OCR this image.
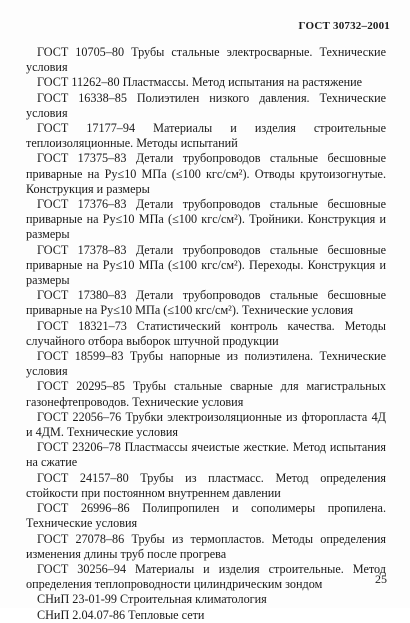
ГОСТ 30732–2001

ГОСТ 10705–80 Трубы стальные электросварные. Технические условия

ГОСТ 11262–80 Пластмассы. Метод испытания на растяжение

ГОСТ 16338–85 Полиэтилен низкого давления. Технические условия

ГОСТ 17177–94 Материалы и изделия строительные теплоизоляционные. Методы испытаний

ГОСТ 17375–83 Детали трубопроводов стальные бесшовные приварные на Pу≤10 МПа (≤100 кгс/см²). Отводы крутоизогнутые. Конструкция и размеры

ГОСТ 17376–83 Детали трубопроводов стальные бесшовные приварные на Pу≤10 МПа (≤100 кгс/см²). Тройники. Конструкция и размеры

ГОСТ 17378–83 Детали трубопроводов стальные бесшовные приварные на Pу≤10 МПа (≤100 кгс/см²). Переходы. Конструкция и размеры

ГОСТ 17380–83 Детали трубопроводов стальные бесшовные приварные на Pу≤10 МПа (≤100 кгс/см²). Технические условия

ГОСТ 18321–73 Статистический контроль качества. Методы случайного отбора выборок штучной продукции

ГОСТ 18599–83 Трубы напорные из полиэтилена. Технические условия

ГОСТ 20295–85 Трубы стальные сварные для магистральных газонефтепроводов. Технические условия

ГОСТ 22056–76 Трубки электроизоляционные из фторопласта 4Д и 4ДМ. Технические условия

ГОСТ 23206–78 Пластмассы ячеистые жесткие. Метод испытания на сжатие

ГОСТ 24157–80 Трубы из пластмасс. Метод определения стойкости при постоянном внутреннем давлении

ГОСТ 26996–86 Полипропилен и сополимеры пропилена. Технические условия

ГОСТ 27078–86 Трубы из термопластов. Методы определения изменения длины труб после прогрева

ГОСТ 30256–94 Материалы и изделия строительные. Метод определения теплопроводности цилиндрическим зондом

СНиП 23-01-99 Строительная климатология

СНиП 2.04.07-86 Тепловые сети

25
